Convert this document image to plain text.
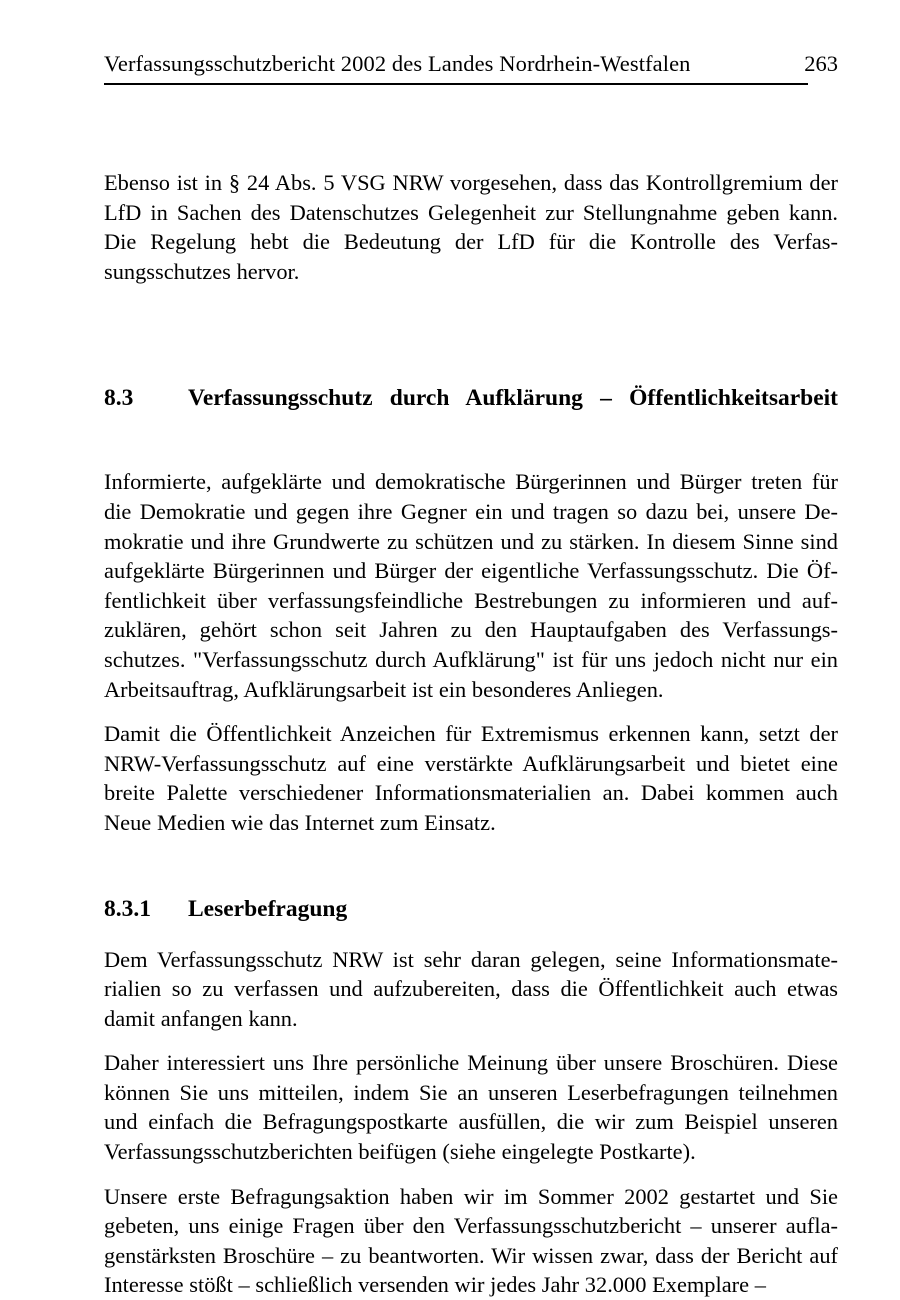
Verfassungsschutzbericht 2002 des Landes Nordrhein-Westfalen	263

Ebenso ist in § 24 Abs. 5 VSG NRW vorgesehen, dass das Kontrollgremium der LfD in Sachen des Datenschutzes Gelegenheit zur Stellungnahme geben kann. Die Regelung hebt die Bedeutung der LfD für die Kontrolle des Verfassungsschutzes hervor.

8.3	Verfassungsschutz durch Aufklärung – Öffentlichkeitsarbeit

Informierte, aufgeklärte und demokratische Bürgerinnen und Bürger treten für die Demokratie und gegen ihre Gegner ein und tragen so dazu bei, unsere Demokratie und ihre Grundwerte zu schützen und zu stärken. In diesem Sinne sind aufgeklärte Bürgerinnen und Bürger der eigentliche Verfassungsschutz. Die Öffentlichkeit über verfassungsfeindliche Bestrebungen zu informieren und aufzuklären, gehört schon seit Jahren zu den Hauptaufgaben des Verfassungsschutzes. "Verfassungsschutz durch Aufklärung" ist für uns jedoch nicht nur ein Arbeitsauftrag, Aufklärungsarbeit ist ein besonderes Anliegen.

Damit die Öffentlichkeit Anzeichen für Extremismus erkennen kann, setzt der NRW-Verfassungsschutz auf eine verstärkte Aufklärungsarbeit und bietet eine breite Palette verschiedener Informationsmaterialien an. Dabei kommen auch Neue Medien wie das Internet zum Einsatz.

8.3.1	Leserbefragung

Dem Verfassungsschutz NRW ist sehr daran gelegen, seine Informationsmaterialien so zu verfassen und aufzubereiten, dass die Öffentlichkeit auch etwas damit anfangen kann.

Daher interessiert uns Ihre persönliche Meinung über unsere Broschüren. Diese können Sie uns mitteilen, indem Sie an unseren Leserbefragungen teilnehmen und einfach die Befragungspostkarte ausfüllen, die wir zum Beispiel unseren Verfassungsschutzberichten beifügen (siehe eingelegte Postkarte).

Unsere erste Befragungsaktion haben wir im Sommer 2002 gestartet und Sie gebeten, uns einige Fragen über den Verfassungsschutzbericht – unserer auflagenstärksten Broschüre – zu beantworten. Wir wissen zwar, dass der Bericht auf Interesse stößt – schließlich versenden wir jedes Jahr 32.000 Exemplare –
